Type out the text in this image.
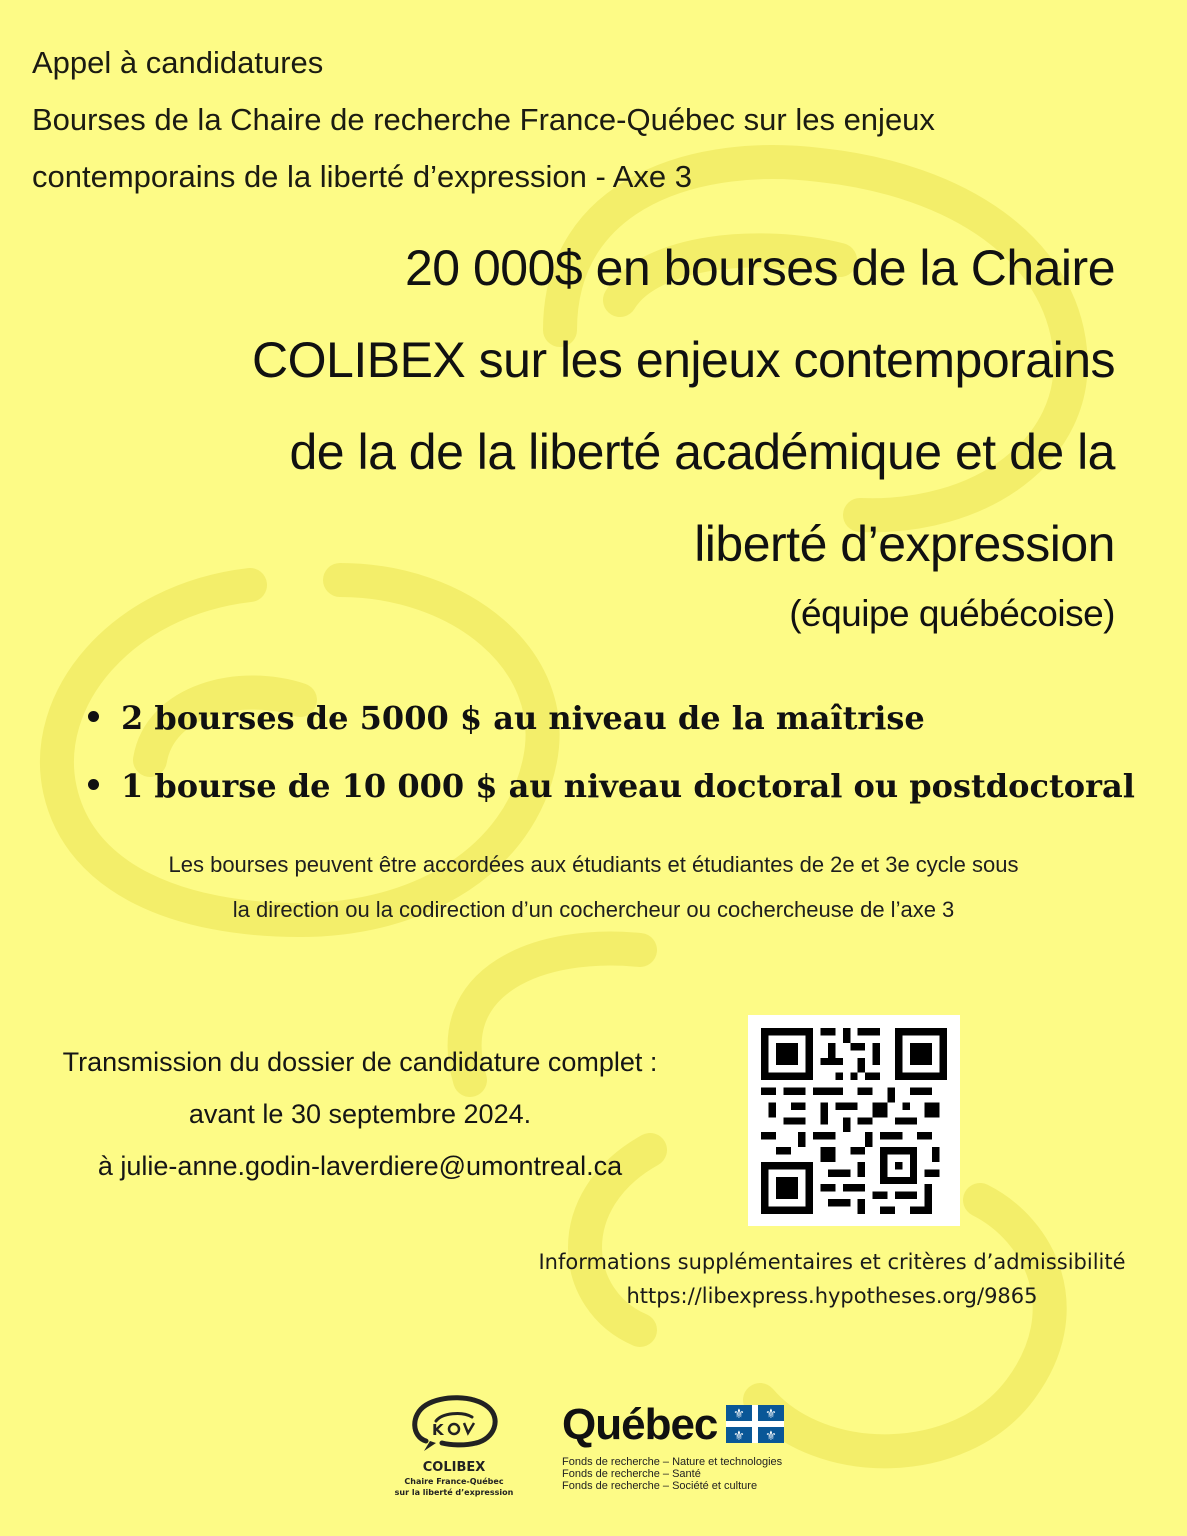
Appel à candidatures
Bourses de la Chaire de recherche France-Québec sur les enjeux
contemporains de la liberté d’expression - Axe 3
20 000$ en bourses de la Chaire
COLIBEX sur les enjeux contemporains
de la de la liberté académique et de la
liberté d’expression
(équipe québécoise)
2 bourses de 5000 $ au niveau de la maîtrise
1 bourse de 10 000 $ au niveau doctoral ou postdoctoral
Les bourses peuvent être accordées aux étudiants et étudiantes de 2e et 3e cycle sous
la direction ou la codirection d’un cochercheur ou cochercheuse de l’axe 3
Transmission du dossier de candidature complet :
avant le 30 septembre 2024.
à julie-anne.godin-laverdiere@umontreal.ca
Informations supplémentaires et critères d’admissibilité
https://libexpress.hypotheses.org/9865
K
COLIBEX
Chaire France-Québec
sur la liberté d’expression
Québec ⚜ ⚜
⚜ ⚜
Fonds de recherche – Nature et technologies
Fonds de recherche – Santé
Fonds de recherche – Société et culture
